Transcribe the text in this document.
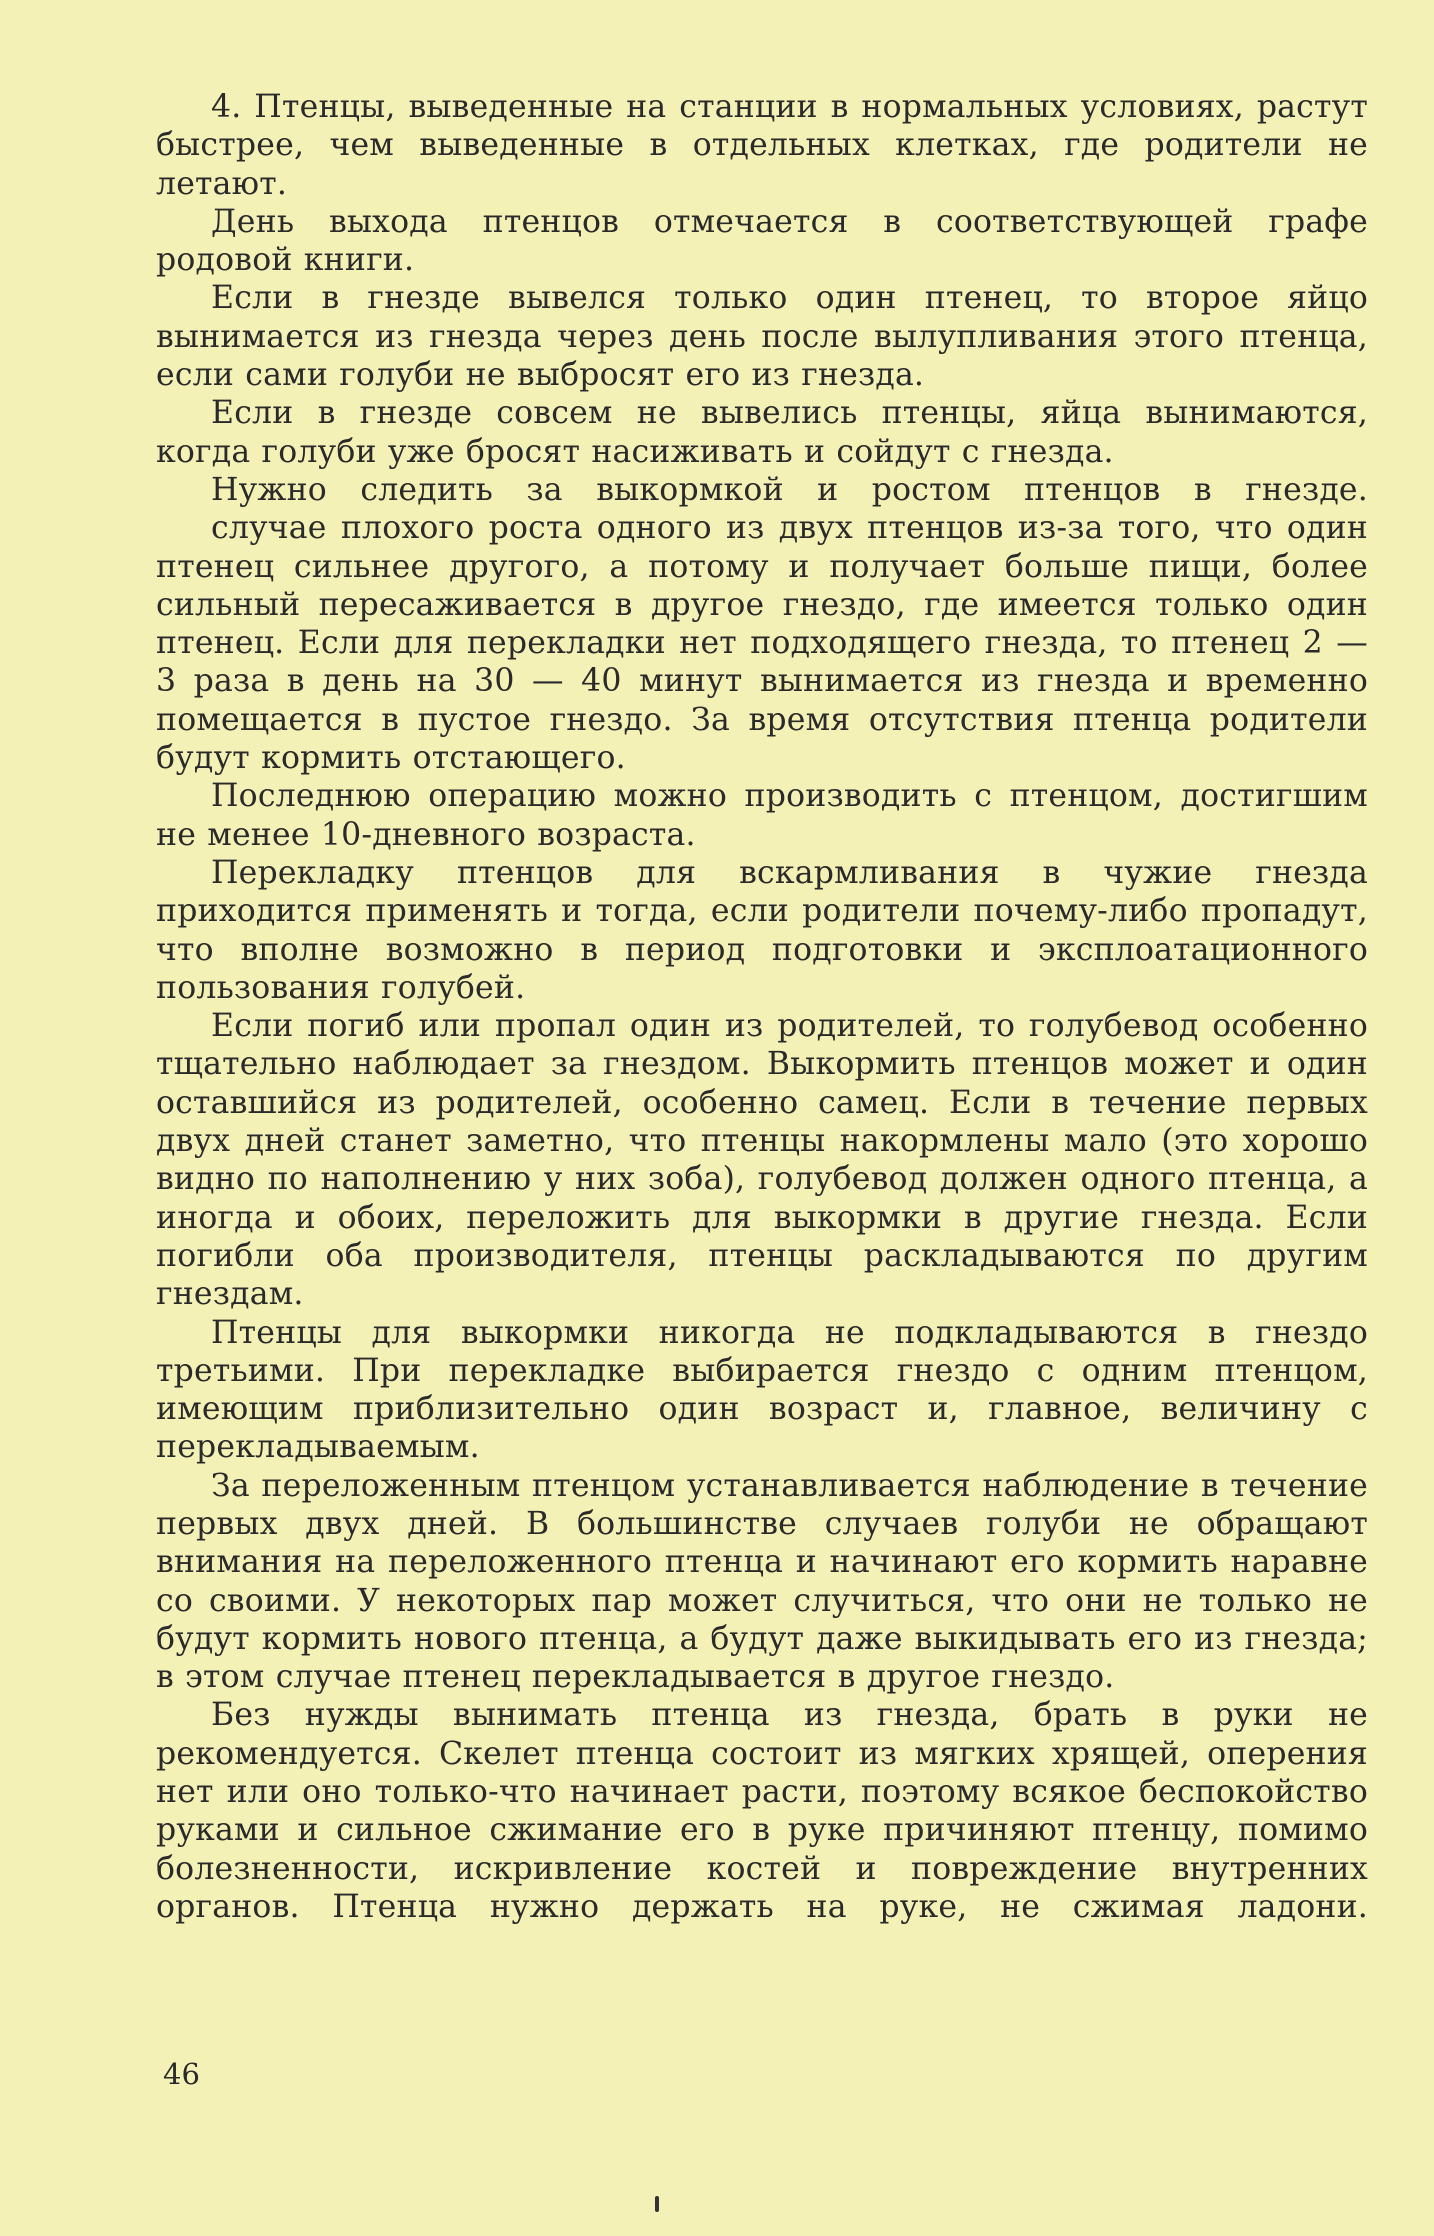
4. Птенцы, выведенные на станции в нормальных условиях, растут быстрее, чем выведенные в отдельных клетках, где родители не летают.

День выхода птенцов отмечается в соответствующей графе родовой книги.

Если в гнезде вывелся только один птенец, то второе яйцо вынимается из гнезда через день после вылупливания этого птенца, если сами голуби не выбросят его из гнезда.

Если в гнезде совсем не вывелись птенцы, яйца вынимаются, когда голуби уже бросят насиживать и сойдут с гнезда.

Нужно следить за выкормкой и ростом птенцов в гнезде.

случае плохого роста одного из двух птенцов из-за того, что один птенец сильнее другого, а потому и получает больше пищи, более сильный пересаживается в другое гнездо, где имеется только один птенец. Если для перекладки нет подходящего гнезда, то птенец 2 — 3 раза в день на 30 — 40 минут вынимается из гнезда и временно помещается в пустое гнездо. За время отсутствия птенца родители будут кормить отстающего.

Последнюю операцию можно производить с птенцом, достигшим не менее 10-дневного возраста.

Перекладку птенцов для вскармливания в чужие гнезда приходится применять и тогда, если родители почему-либо пропадут, что вполне возможно в период подготовки и эксплоатационного пользования голубей.

Если погиб или пропал один из родителей, то голубевод особенно тщательно наблюдает за гнездом. Выкормить птенцов может и один оставшийся из родителей, особенно самец. Если в течение первых двух дней станет заметно, что птенцы накормлены мало (это хорошо видно по наполнению у них зоба), голубевод должен одного птенца, а иногда и обоих, переложить для выкормки в другие гнезда. Если погибли оба производителя, птенцы раскладываются по другим гнездам.

Птенцы для выкормки никогда не подкладываются в гнездо третьими. При перекладке выбирается гнездо с одним птенцом, имеющим приблизительно один возраст и, главное, величину с перекладываемым.

За переложенным птенцом устанавливается наблюдение в течение первых двух дней. В большинстве случаев голуби не обращают внимания на переложенного птенца и начинают его кормить наравне со своими. У некоторых пар может случиться, что они не только не будут кормить нового птенца, а будут даже выкидывать его из гнезда; в этом случае птенец перекладывается в другое гнездо.

Без нужды вынимать птенца из гнезда, брать в руки не рекомендуется. Скелет птенца состоит из мягких хрящей, оперения нет или оно только-что начинает расти, поэтому всякое беспокойство руками и сильное сжимание его в руке причиняют птенцу, помимо болезненности, искривление костей и повреждение внутренних органов. Птенца нужно держать на руке, не сжимая ладони.

46
